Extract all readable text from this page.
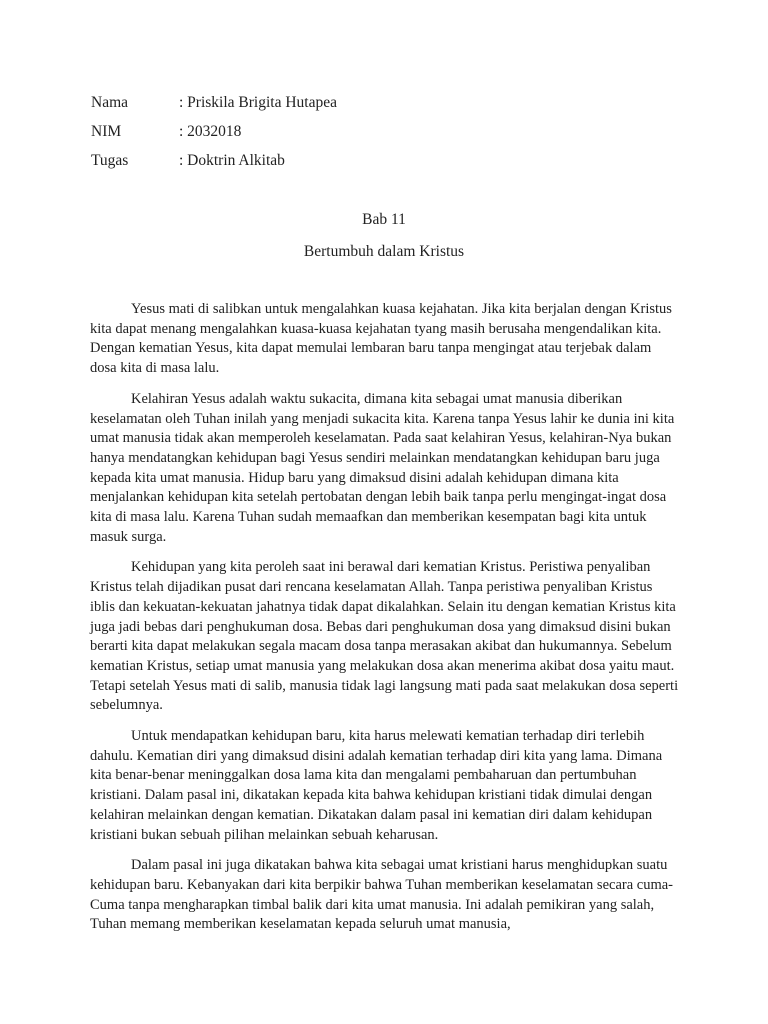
Nama	: Priskila Brigita Hutapea
NIM	: 2032018
Tugas	: Doktrin Alkitab
Bab 11
Bertumbuh dalam Kristus

Yesus mati di salibkan untuk mengalahkan kuasa kejahatan. Jika kita berjalan dengan Kristus kita dapat menang mengalahkan kuasa-kuasa kejahatan tyang masih berusaha mengendalikan kita. Dengan kematian Yesus, kita dapat memulai lembaran baru tanpa mengingat atau terjebak dalam dosa kita di masa lalu.

Kelahiran Yesus adalah waktu sukacita, dimana kita sebagai umat manusia diberikan keselamatan oleh Tuhan inilah yang menjadi sukacita kita. Karena tanpa Yesus lahir ke dunia ini kita umat manusia tidak akan memperoleh keselamatan. Pada saat kelahiran Yesus, kelahiran-Nya bukan hanya mendatangkan kehidupan bagi Yesus sendiri melainkan mendatangkan kehidupan baru juga kepada kita umat manusia. Hidup baru yang dimaksud disini adalah kehidupan dimana kita menjalankan kehidupan kita setelah pertobatan dengan lebih baik tanpa perlu mengingat-ingat dosa kita di masa lalu. Karena Tuhan sudah memaafkan dan memberikan kesempatan bagi kita untuk masuk surga.

Kehidupan yang kita peroleh saat ini berawal dari kematian Kristus. Peristiwa penyaliban Kristus telah dijadikan pusat dari rencana keselamatan Allah. Tanpa peristiwa penyaliban Kristus iblis dan kekuatan-kekuatan jahatnya tidak dapat dikalahkan. Selain itu dengan kematian Kristus kita juga jadi bebas dari penghukuman dosa. Bebas dari penghukuman dosa yang dimaksud disini bukan berarti kita dapat melakukan segala macam dosa tanpa merasakan akibat dan hukumannya. Sebelum kematian Kristus, setiap umat manusia yang melakukan dosa akan menerima akibat dosa yaitu maut. Tetapi setelah Yesus mati di salib, manusia tidak lagi langsung mati pada saat melakukan dosa seperti sebelumnya.

Untuk mendapatkan kehidupan baru, kita harus melewati kematian terhadap diri terlebih dahulu. Kematian diri yang dimaksud disini adalah kematian terhadap diri kita yang lama. Dimana kita benar-benar meninggalkan dosa lama kita dan mengalami pembaharuan dan pertumbuhan kristiani. Dalam pasal ini, dikatakan kepada kita bahwa kehidupan kristiani tidak dimulai dengan kelahiran melainkan dengan kematian. Dikatakan dalam pasal ini kematian diri dalam kehidupan kristiani bukan sebuah pilihan melainkan sebuah keharusan.

Dalam pasal ini juga dikatakan bahwa kita sebagai umat kristiani harus menghidupkan suatu kehidupan baru. Kebanyakan dari kita berpikir bahwa Tuhan memberikan keselamatan secara cuma-Cuma tanpa mengharapkan timbal balik dari kita umat manusia. Ini adalah pemikiran yang salah, Tuhan memang memberikan keselamatan kepada seluruh umat manusia,
